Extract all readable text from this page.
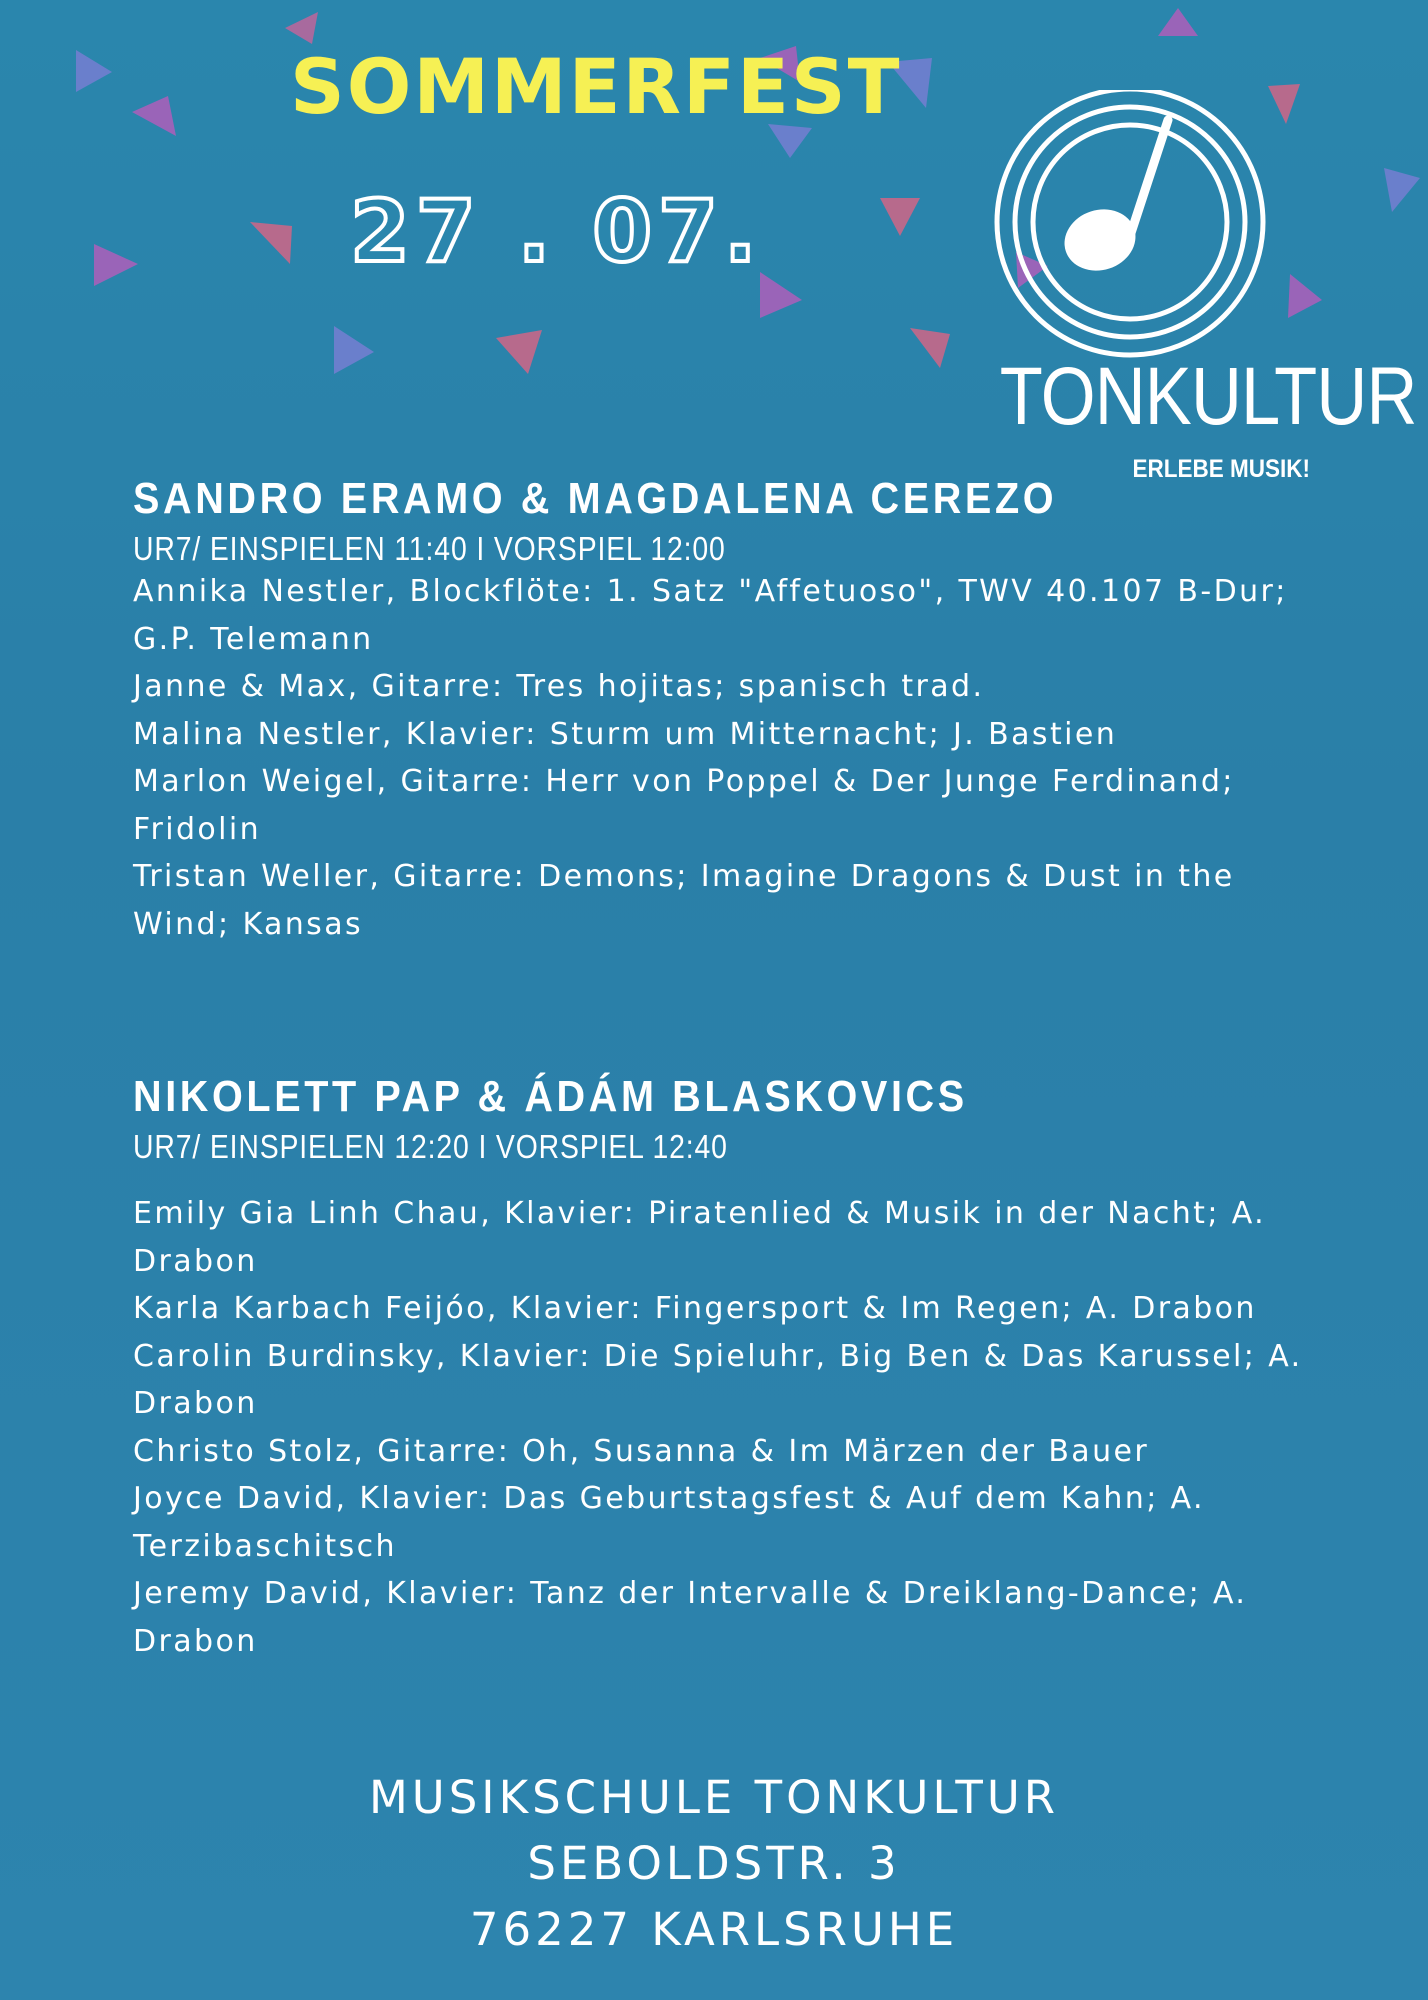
SOMMERFEST

27 . 07.

TONKULTUR

ERLEBE MUSIK!

SANDRO ERAMO & MAGDALENA CEREZO

UR7/ EINSPIELEN 11:40 I VORSPIEL 12:00

Annika Nestler, Blockflöte: 1. Satz "Affetuoso", TWV 40.107 B-Dur; G.P. Telemann
Janne & Max, Gitarre: Tres hojitas; spanisch trad.
Malina Nestler, Klavier: Sturm um Mitternacht; J. Bastien
Marlon Weigel, Gitarre: Herr von Poppel & Der Junge Ferdinand; Fridolin
Tristan Weller, Gitarre: Demons; Imagine Dragons & Dust in the Wind; Kansas
NIKOLETT PAP & ÁDÁM BLASKOVICS

UR7/ EINSPIELEN 12:20 I VORSPIEL 12:40

Emily Gia Linh Chau, Klavier: Piratenlied & Musik in der Nacht; A. Drabon
Karla Karbach Feijóo, Klavier: Fingersport & Im Regen; A. Drabon
Carolin Burdinsky, Klavier: Die Spieluhr, Big Ben & Das Karussel; A. Drabon
Christo Stolz, Gitarre: Oh, Susanna & Im Märzen der Bauer
Joyce David, Klavier: Das Geburtstagsfest & Auf dem Kahn; A. Terzibaschitsch
Jeremy David, Klavier: Tanz der Intervalle & Dreiklang-Dance; A. Drabon

MUSIKSCHULE TONKULTUR

SEBOLDSTR. 3

76227 KARLSRUHE
